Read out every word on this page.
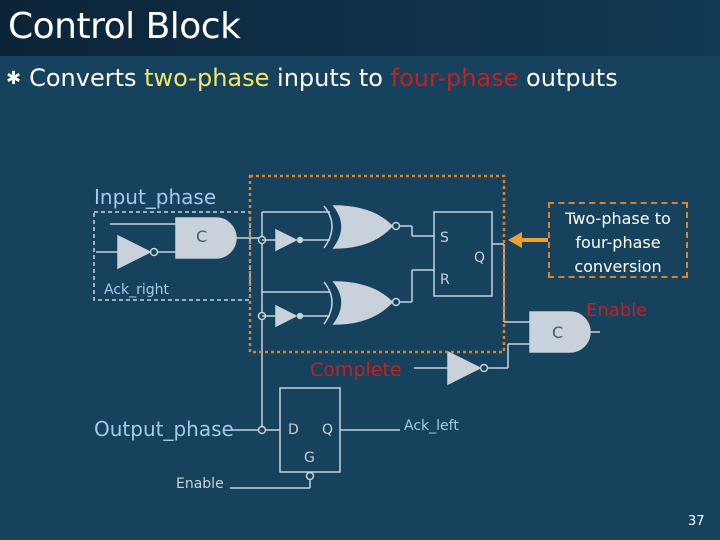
Control Block
✱ Converts two-phase inputs to four-phase outputs
Input_phase
Ack_right
C	S
Q
R
Enable
C
Complete
Output_phase	D Q
G
Ack_left
Enable
Two-phase to
four-phase
conversion
37
